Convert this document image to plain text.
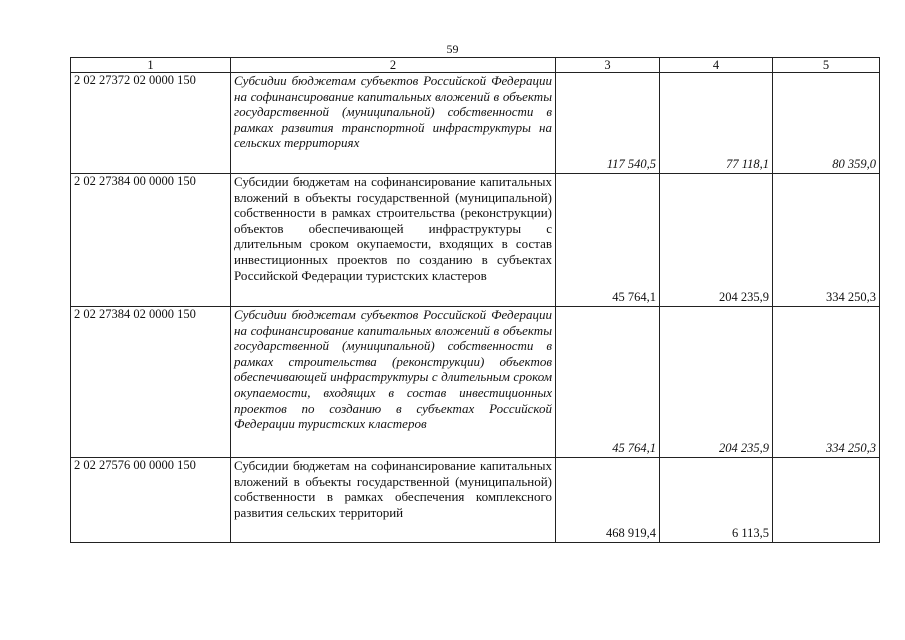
59
1	2	3	4	5
2 02 27372 02 0000 150	Субсидии бюджетам субъектов Российской Федерации на софинансирование капитальных вложений в объекты государственной (муниципальной) собственности в рамках развития транспортной инфраструктуры на сельских территориях	117 540,5	77 118,1	80 359,0
2 02 27384 00 0000 150	Субсидии бюджетам на софинансирование капитальных вложений в объекты государственной (муниципальной) собственности в рамках строительства (реконструкции) объектов обеспечивающей инфраструктуры с длительным сроком окупаемости, входящих в состав инвестиционных проектов по созданию в субъектах Российской Федерации туристских кластеров	45 764,1	204 235,9	334 250,3
2 02 27384 02 0000 150	Субсидии бюджетам субъектов Российской Федерации на софинансирование капитальных вложений в объекты государственной (муниципальной) собственности в рамках строительства (реконструкции) объектов обеспечивающей инфраструктуры с длительным сроком окупаемости, входящих в состав инвестиционных проектов по созданию в субъектах Российской Федерации туристских кластеров	45 764,1	204 235,9	334 250,3
2 02 27576 00 0000 150	Субсидии бюджетам на софинансирование капитальных вложений в объекты государственной (муниципальной) собственности в рамках обеспечения комплексного развития сельских территорий	468 919,4	6 113,5	
